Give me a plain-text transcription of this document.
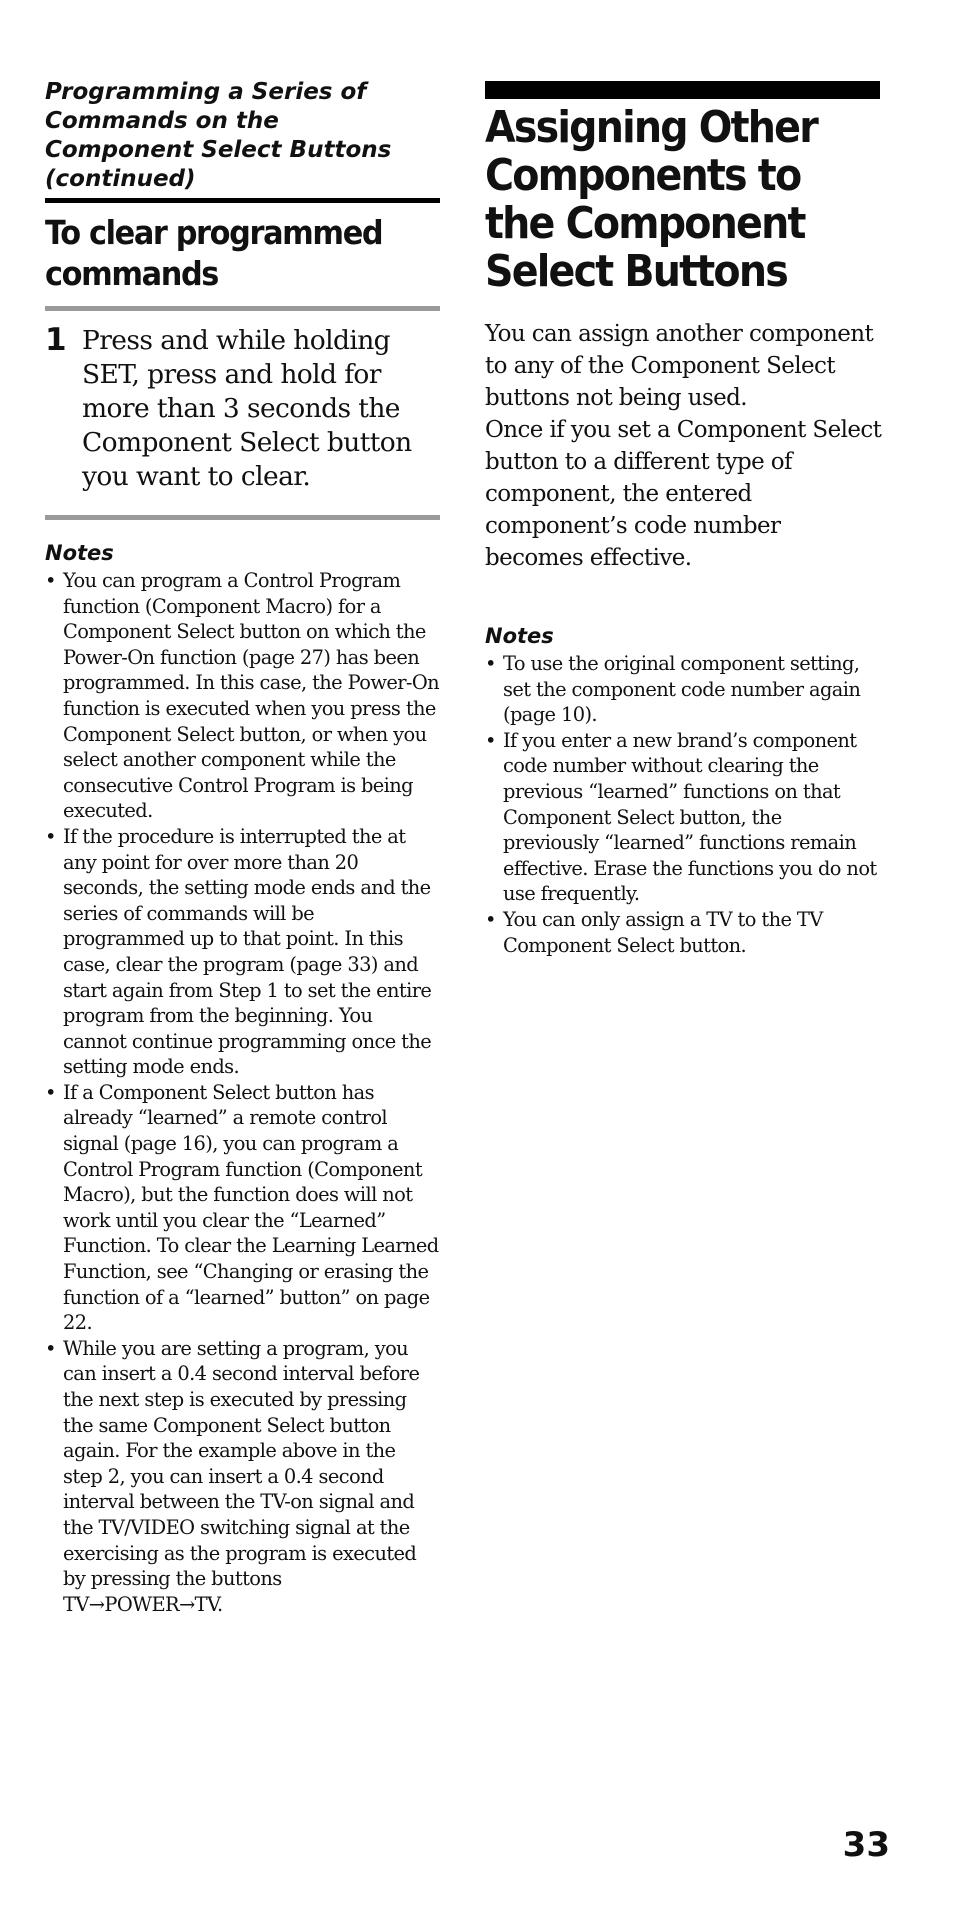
Programming a Series of Commands on the Component Select Buttons (continued)
To clear programmed commands
1 Press and while holding SET, press and hold for more than 3 seconds the Component Select button you want to clear.
Notes
• You can program a Control Program function (Component Macro) for a Component Select button on which the Power-On function (page 27) has been programmed. In this case, the Power-On function is executed when you press the Component Select button, or when you select another component while the consecutive Control Program is being executed.
• If the procedure is interrupted the at any point for over more than 20 seconds, the setting mode ends and the series of commands will be programmed up to that point. In this case, clear the program (page 33) and start again from Step 1 to set the entire program from the beginning. You cannot continue programming once the setting mode ends.
• If a Component Select button has already “learned” a remote control signal (page 16), you can program a Control Program function (Component Macro), but the function does will not work until you clear the “Learned” Function. To clear the Learning Learned Function, see “Changing or erasing the function of a “learned” button” on page 22.
• While you are setting a program, you can insert a 0.4 second interval before the next step is executed by pressing the same Component Select button again. For the example above in the step 2, you can insert a 0.4 second interval between the TV-on signal and the TV/VIDEO switching signal at the exercising as the program is executed by pressing the buttons TV→POWER→TV.
Assigning Other Components to the Component Select Buttons

You can assign another component to any of the Component Select buttons not being used.

Once if you set a Component Select button to a different type of component, the entered component’s code number becomes effective.

Notes
• To use the original component setting, set the component code number again (page 10).
• If you enter a new brand’s component code number without clearing the previous “learned” functions on that Component Select button, the previously “learned” functions remain effective. Erase the functions you do not use frequently.
• You can only assign a TV to the TV Component Select button.
33
